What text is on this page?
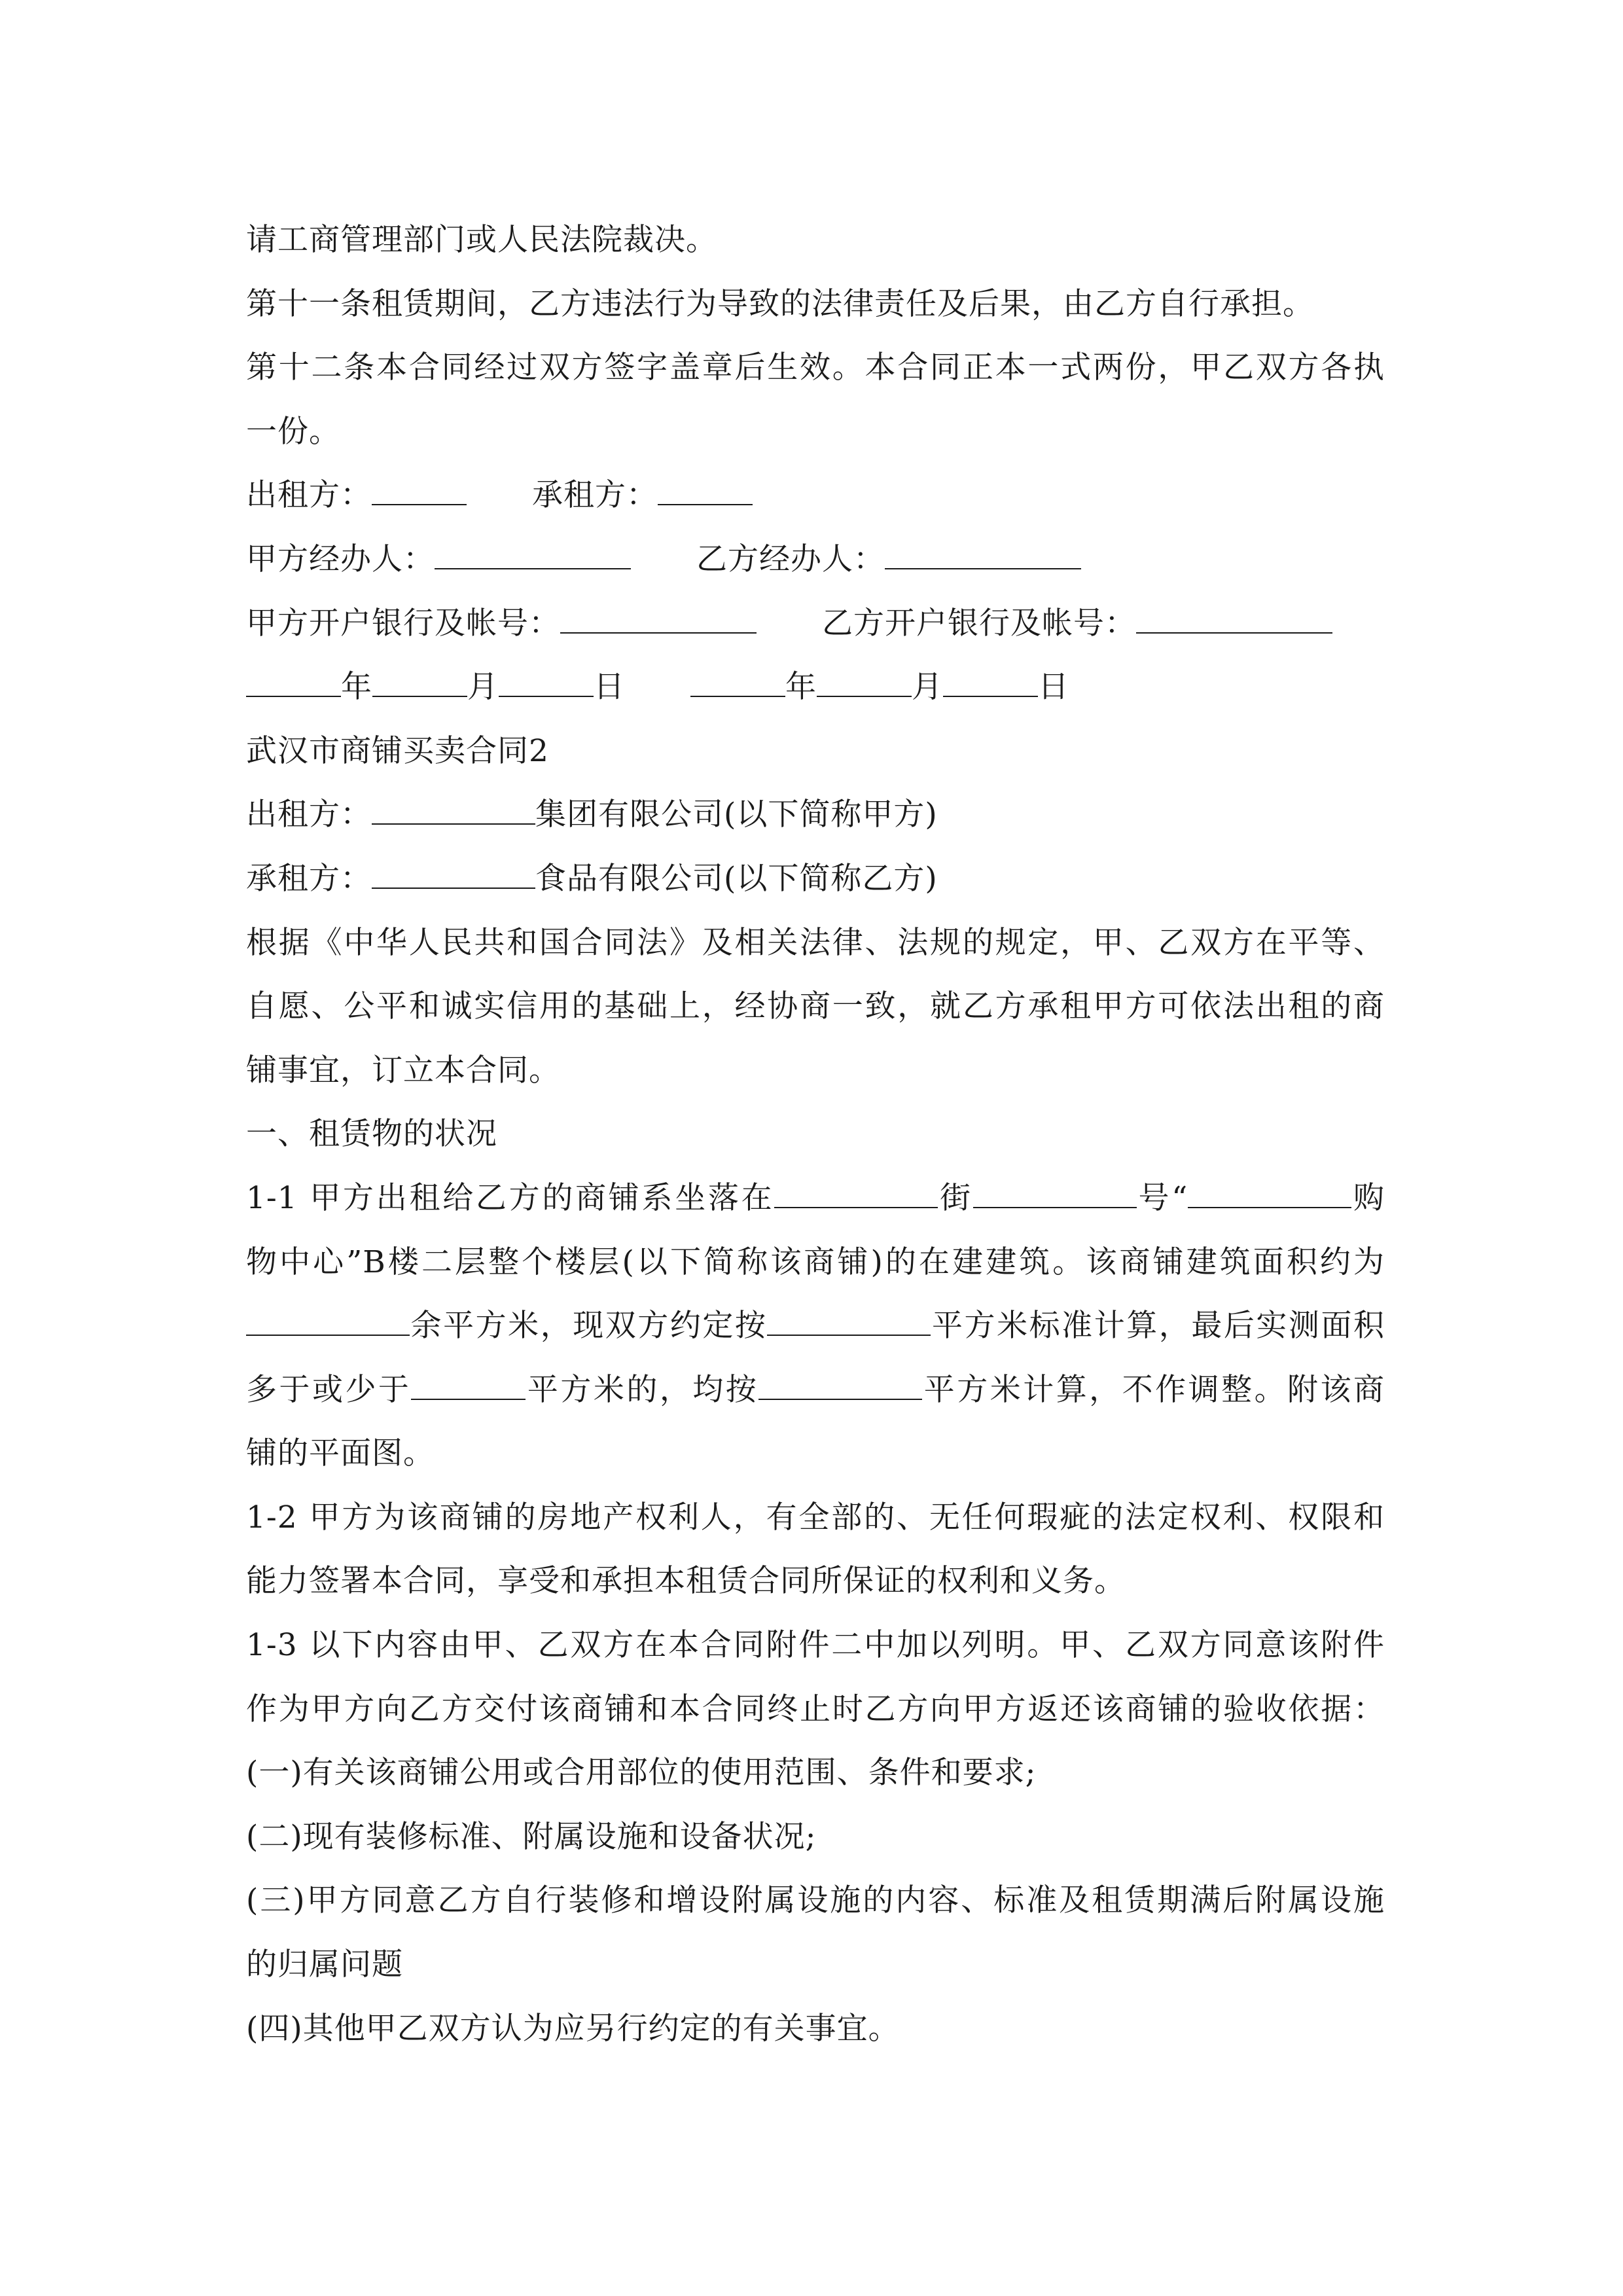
请工商管理部门或人民法院裁决。
第十一条租赁期间，乙方违法行为导致的法律责任及后果，由乙方自行承担。
第十二条本合同经过双方签字盖章后生效。本合同正本一式两份，甲乙双方各执
一份。
出租方：	承租方：
甲方经办人：	乙方经办人：
甲方开户银行及帐号：	乙方开户银行及帐号：
年	月	日	年	月	日
武汉市商铺买卖合同2
出租方：	集团有限公司(以下简称甲方)
承租方：	食品有限公司(以下简称乙方)
根据《中华人民共和国合同法》及相关法律、法规的规定，甲、乙双方在平等、
自愿、公平和诚实信用的基础上，经协商一致，就乙方承租甲方可依法出租的商
铺事宜，订立本合同。
一、租赁物的状况
1-1 甲方出租给乙方的商铺系坐落在	街	号“	购
物中心”B楼二层整个楼层(以下简称该商铺)的在建建筑。该商铺建筑面积约为
余平方米，现双方约定按	平方米标准计算，最后实测面积
多于或少于	平方米的，均按	平方米计算，不作调整。附该商
铺的平面图。
1-2 甲方为该商铺的房地产权利人，有全部的、无任何瑕疵的法定权利、权限和
能力签署本合同，享受和承担本租赁合同所保证的权利和义务。
1-3 以下内容由甲、乙双方在本合同附件二中加以列明。甲、乙双方同意该附件
作为甲方向乙方交付该商铺和本合同终止时乙方向甲方返还该商铺的验收依据：
(一)有关该商铺公用或合用部位的使用范围、条件和要求;
(二)现有装修标准、附属设施和设备状况;
(三)甲方同意乙方自行装修和增设附属设施的内容、标准及租赁期满后附属设施
的归属问题
(四)其他甲乙双方认为应另行约定的有关事宜。
